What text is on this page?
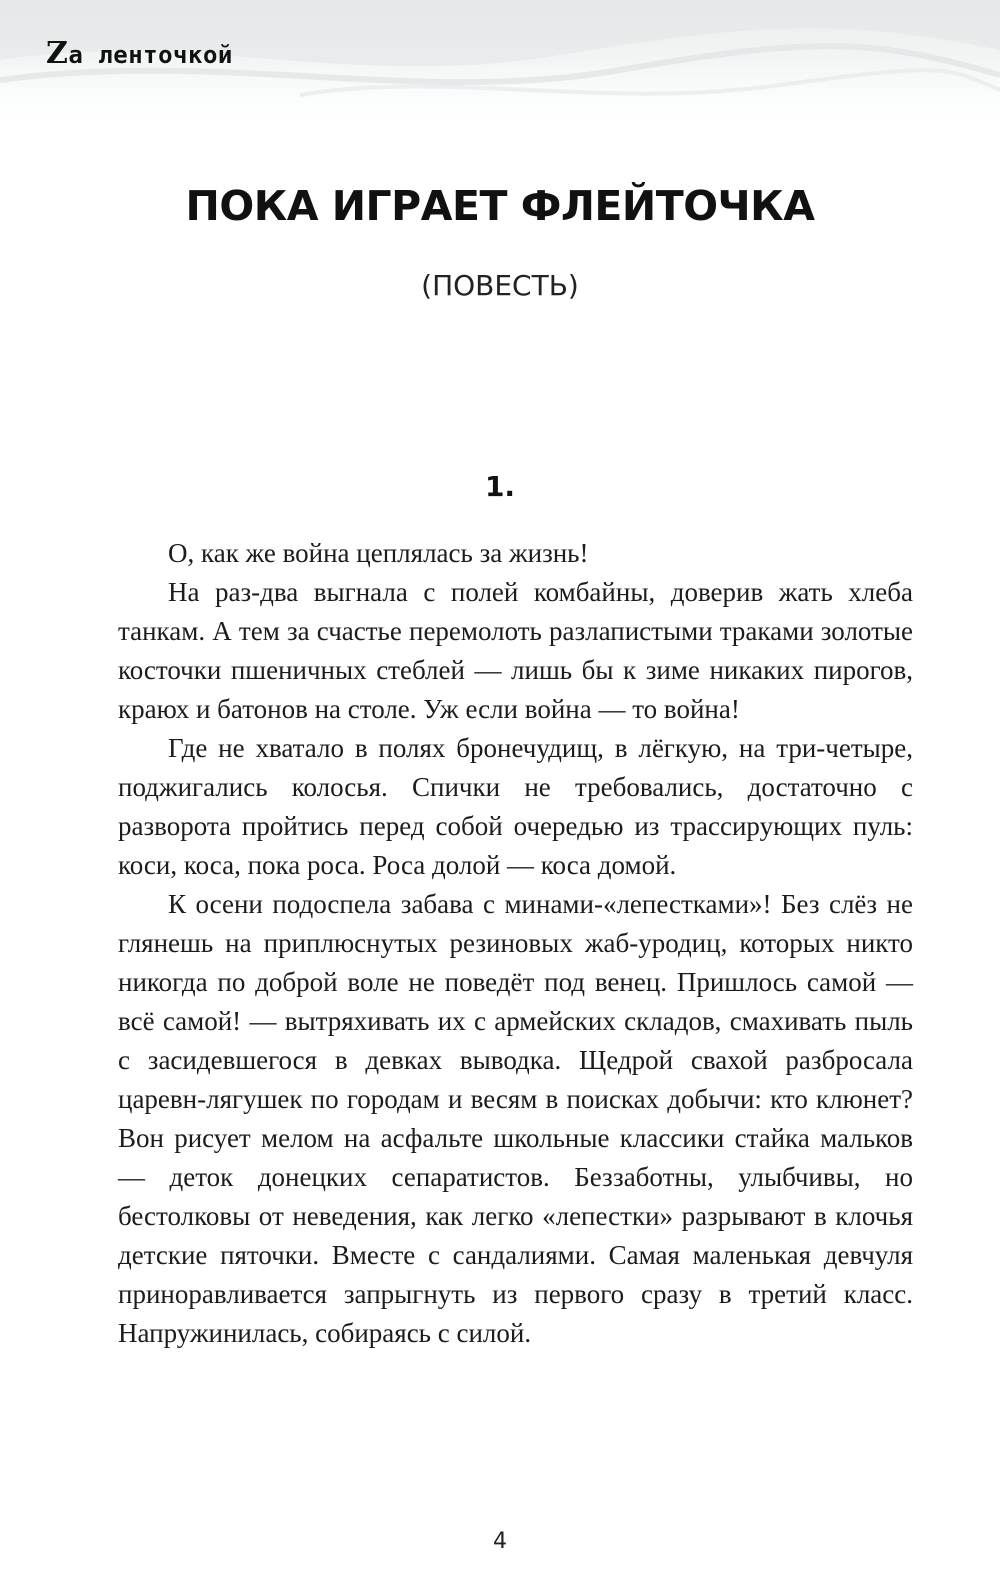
Zа ленточкой
ПОКА ИГРАЕТ ФЛЕЙТОЧКА
(ПОВЕСТЬ)
1.

О, как же война цеплялась за жизнь!

На раз-два выгнала с полей комбайны, доверив жать хлеба танкам. А тем за счастье перемолоть разлапистыми траками золотые косточки пшеничных стеблей — лишь бы к зиме никаких пирогов, краюх и батонов на столе. Уж если война — то война!

Где не хватало в полях бронечудищ, в лёгкую, на три-четыре, поджигались колосья. Спички не требовались, достаточно с разворота пройтись перед собой очередью из трассирующих пуль: коси, коса, пока роса. Роса долой — коса домой.

К осени подоспела забава с минами-«лепестками»! Без слёз не глянешь на приплюснутых резиновых жаб-уродиц, которых никто никогда по доброй воле не поведёт под венец. Пришлось самой — всё самой! — вытряхивать их с армейских складов, смахивать пыль с засидевшегося в девках выводка. Щедрой свахой разбросала царевн-лягушек по городам и весям в поисках добычи: кто клюнет? Вон рисует мелом на асфальте школьные классики стайка мальков — деток донецких сепаратистов. Беззаботны, улыбчивы, но бестолковы от неведения, как легко «лепестки» разрывают в клочья детские пяточки. Вместе с сандалиями. Самая маленькая девчуля приноравливается запрыгнуть из первого сразу в третий класс. Напружинилась, собираясь с силой.

4
